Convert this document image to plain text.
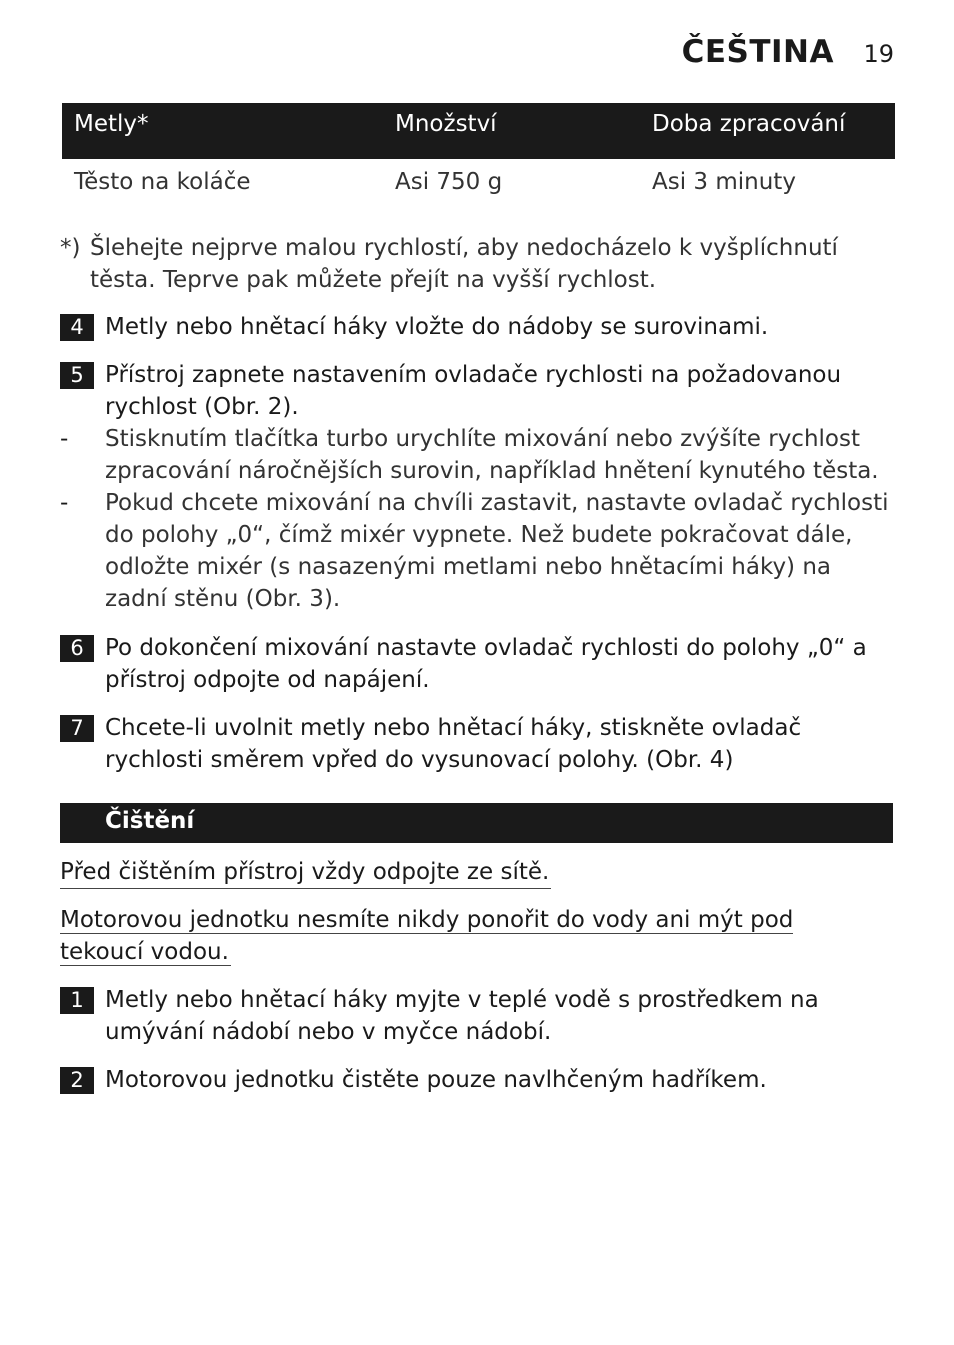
ČEŠTINA 19
Metly*	Množství	Doba zpracování
Těsto na koláče	Asi 750 g	Asi 3 minuty
*) Šlehejte nejprve malou rychlostí, aby nedocházelo k vyšplíchnutí těsta. Teprve pak můžete přejít na vyšší rychlost.
4 Metly nebo hnětací háky vložte do nádoby se surovinami.
5 Přístroj zapnete nastavením ovladače rychlosti na požadovanou rychlost (Obr. 2).
- Stisknutím tlačítka turbo urychlíte mixování nebo zvýšíte rychlost zpracování náročnějších surovin, například hnětení kynutého těsta.
- Pokud chcete mixování na chvíli zastavit, nastavte ovladač rychlosti do polohy „0“, čímž mixér vypnete. Než budete pokračovat dále, odložte mixér (s nasazenými metlami nebo hnětacími háky) na zadní stěnu (Obr. 3).
6 Po dokončení mixování nastavte ovladač rychlosti do polohy „0“ a přístroj odpojte od napájení.
7 Chcete-li uvolnit metly nebo hnětací háky, stiskněte ovladač rychlosti směrem vpřed do vysunovací polohy. (Obr. 4)
Čištění
Před čištěním přístroj vždy odpojte ze sítě.
Motorovou jednotku nesmíte nikdy ponořit do vody ani mýt pod tekoucí vodou.
1 Metly nebo hnětací háky myjte v teplé vodě s prostředkem na umývání nádobí nebo v myčce nádobí.
2 Motorovou jednotku čistěte pouze navlhčeným hadříkem.
